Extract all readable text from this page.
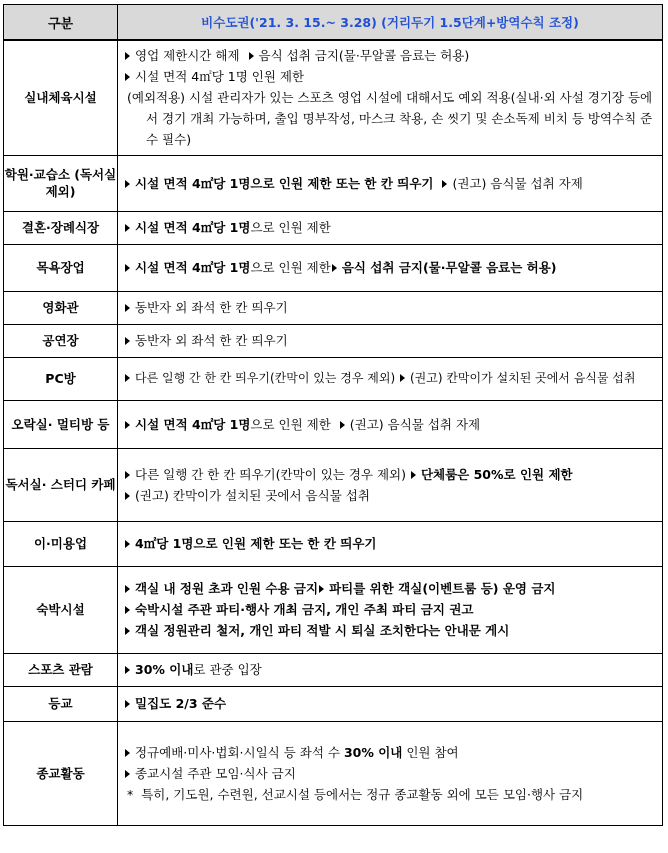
구분	비수도권('21. 3. 15.~ 3.28) (거리두기 1.5단계+방역수칙 조정)
실내체육시설	영업 제한시간 해제 음식 섭취 금지(물·무알콜 음료는 허용)
시설 면적 4㎡당 1명 인원 제한
(예외적용) 시설 관리자가 있는 스포츠 영업 시설에 대해서도 예외 적용(실내·외 사설 경기장 등에서 경기 개최 가능하며, 출입 명부작성, 마스크 착용, 손 씻기 및 손소독제 비치 등 방역수칙 준수 필수)

학원·교습소 (독서실 제외)	시설 면적 4㎡당 1명으로 인원 제한 또는 한 칸 띄우기 (권고) 음식물 섭취 자제

결혼·장례식장	시설 면적 4㎡당 1명으로 인원 제한

목욕장업	시설 면적 4㎡당 1명으로 인원 제한 음식 섭취 금지(물·무알콜 음료는 허용)

영화관	동반자 외 좌석 한 칸 띄우기

공연장	동반자 외 좌석 한 칸 띄우기

PC방	다른 일행 간 한 칸 띄우기(칸막이 있는 경우 제외) (권고) 칸막이가 설치된 곳에서 음식물 섭취

오락실· 멀티방 등	시설 면적 4㎡당 1명으로 인원 제한 (권고) 음식물 섭취 자제

독서실· 스터디 카페	다른 일행 간 한 칸 띄우기(칸막이 있는 경우 제외) 단체룸은 50%로 인원 제한
(권고) 칸막이가 설치된 곳에서 음식물 섭취

이·미용업	4㎡당 1명으로 인원 제한 또는 한 칸 띄우기

숙박시설	객실 내 정원 초과 인원 수용 금지 파티를 위한 객실(이벤트룸 등) 운영 금지
숙박시설 주관 파티·행사 개최 금지, 개인 주최 파티 금지 권고
객실 정원관리 철저, 개인 파티 적발 시 퇴실 조치한다는 안내문 게시

스포츠 관람	30% 이내로 관중 입장

등교	밀집도 2/3 준수

종교활동	정규예배·미사·법회·시일식 등 좌석 수 30% 이내 인원 참여
종교시설 주관 모임·식사 금지
*  특히, 기도원, 수련원, 선교시설 등에서는 정규 종교활동 외에 모든 모임·행사 금지
